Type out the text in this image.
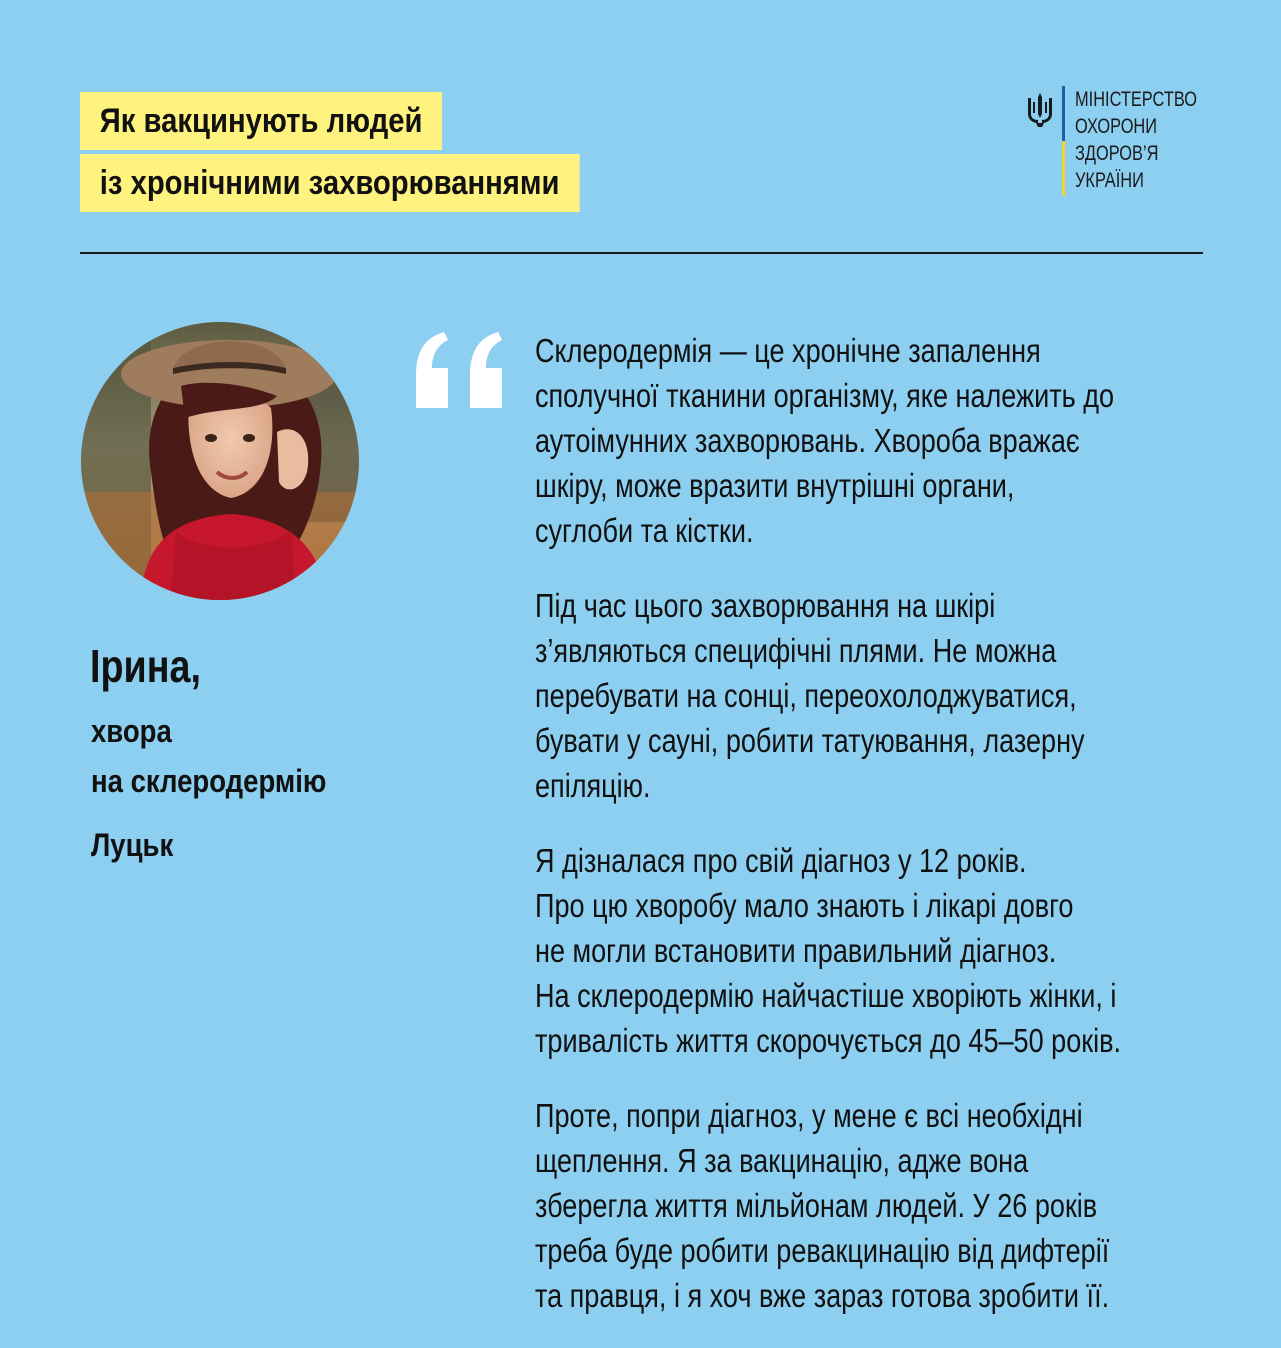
Як вакцинують людей
із хронічними захворюваннями
МІНІСТЕРСТВО
ОХОРОНИ
ЗДОРОВ’Я
УКРАЇНИ
Ірина,
хвора
на склеродермію
Луцьк
Склеродермія — це хронічне запалення
сполучної тканини організму, яке належить до
аутоімунних захворювань. Хвороба вражає
шкіру, може вразити внутрішні органи,
суглоби та кістки.
Під час цього захворювання на шкірі
з’являються специфічні плями. Не можна
перебувати на сонці, переохолоджуватися,
бувати у сауні, робити татуювання, лазерну
епіляцію.
Я дізналася про свій діагноз у 12 років.
Про цю хворобу мало знають і лікарі довго
не могли встановити правильний діагноз.
На склеродермію найчастіше хворіють жінки, і
тривалість життя скорочується до 45–50 років.
Проте, попри діагноз, у мене є всі необхідні
щеплення. Я за вакцинацію, адже вона
зберегла життя мільйонам людей. У 26 років
треба буде робити ревакцинацію від дифтерії
та правця, і я хоч вже зараз готова зробити її.
